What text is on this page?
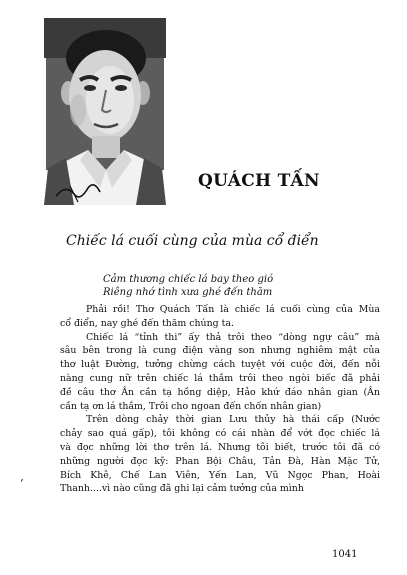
QUÁCH TẤN
Chiếc lá cuối cùng của mùa cổ điển
Cảm thương chiếc lá bay theo gió
Riêng nhớ tình xưa ghé đến thăm
Phải rồi! Thơ Quách Tấn là chiếc lá cuối cùng của Mùa
cổ điển, nay ghé đến thăm chúng ta.
Chiếc lá “tỉnh thi” ấy thả trôi theo “dòng ngự câu” mà
sâu bên trong là cung điện vàng son nhưng nghiêm mật của
thơ luật Đường, tưởng chừng cách tuyệt với cuộc đời, đến nỗi
nàng cung nữ trên chiếc lá thắm trôi theo ngòi biếc đã phải
đề câu thơ Ân cần tạ hồng diệp, Hảo khứ đáo nhân gian (Ân
cần tạ ơn lá thắm, Trôi cho ngoan đến chốn nhân gian)
Trên dòng chảy thời gian Lưu thủy hà thái cấp (Nước
chảy sao quá gấp), tôi không có cái nhàn để vớt đọc chiếc lá
và đọc những lời thơ trên lá. Nhưng tôi biết, trước tôi đã có
những người đọc kỹ: Phan Bội Châu, Tản Đà, Hàn Mặc Tử,
Bích Khê, Chế Lan Viên, Yến Lan, Vũ Ngọc Phan, Hoài
Thanh....vì nào cũng đã ghi lại cảm tưởng của mình
‘
1041
